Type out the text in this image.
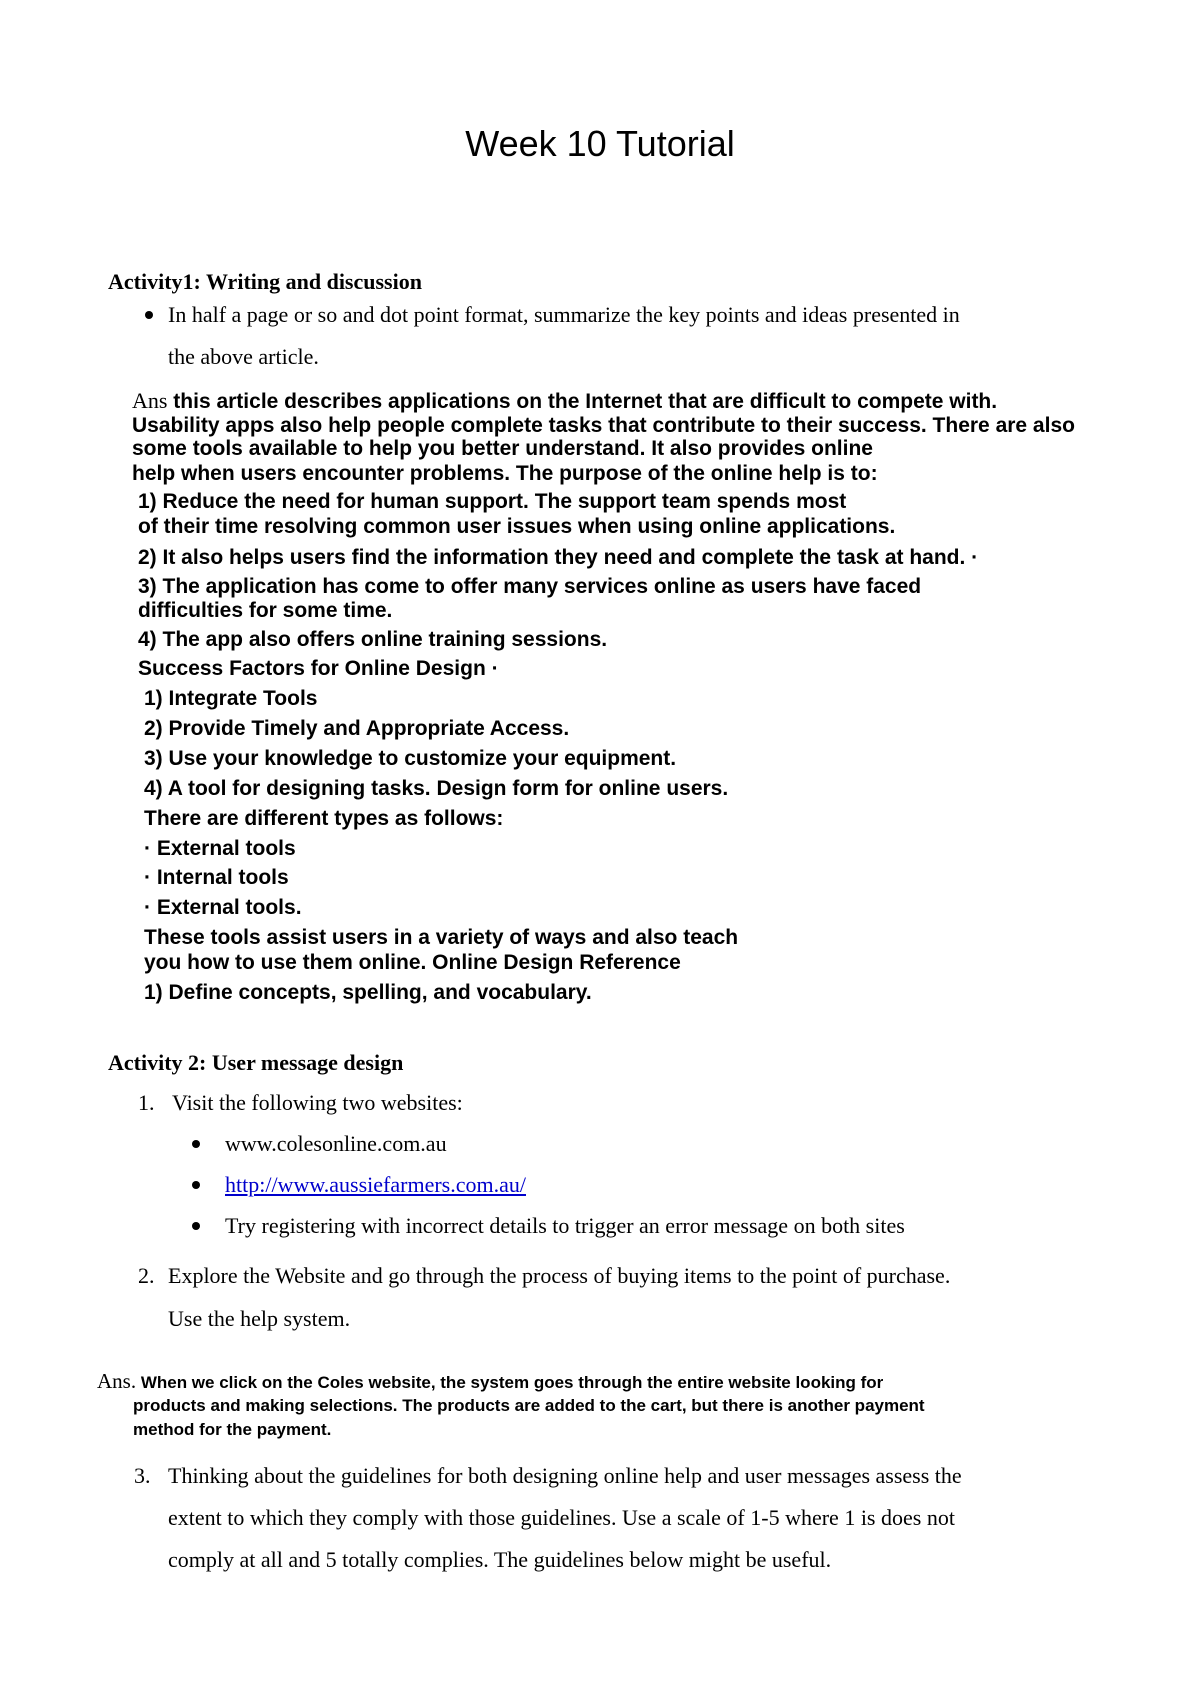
Week 10 Tutorial
Activity1: Writing and discussion
In half a page or so and dot point format, summarize the key points and ideas presented in
the above article.
Ans this article describes applications on the Internet that are difficult to compete with.
Usability apps also help people complete tasks that contribute to their success. There are also
some tools available to help you better understand. It also provides online
help when users encounter problems. The purpose of the online help is to:
1) Reduce the need for human support. The support team spends most
of their time resolving common user issues when using online applications.
2) It also helps users find the information they need and complete the task at hand. ·
3) The application has come to offer many services online as users have faced
difficulties for some time.
4) The app also offers online training sessions.
Success Factors for Online Design ·
1) Integrate Tools
2) Provide Timely and Appropriate Access.
3) Use your knowledge to customize your equipment.
4) A tool for designing tasks. Design form for online users.
There are different types as follows:
· External tools
· Internal tools
· External tools.
These tools assist users in a variety of ways and also teach
you how to use them online. Online Design Reference
1) Define concepts, spelling, and vocabulary.
Activity 2: User message design
1. Visit the following two websites:
www.colesonline.com.au
http://www.aussiefarmers.com.au/
Try registering with incorrect details to trigger an error message on both sites
2. Explore the Website and go through the process of buying items to the point of purchase.
Use the help system.
Ans. When we click on the Coles website, the system goes through the entire website looking for
products and making selections. The products are added to the cart, but there is another payment
method for the payment.
3. Thinking about the guidelines for both designing online help and user messages assess the
extent to which they comply with those guidelines. Use a scale of 1-5 where 1 is does not
comply at all and 5 totally complies. The guidelines below might be useful.
